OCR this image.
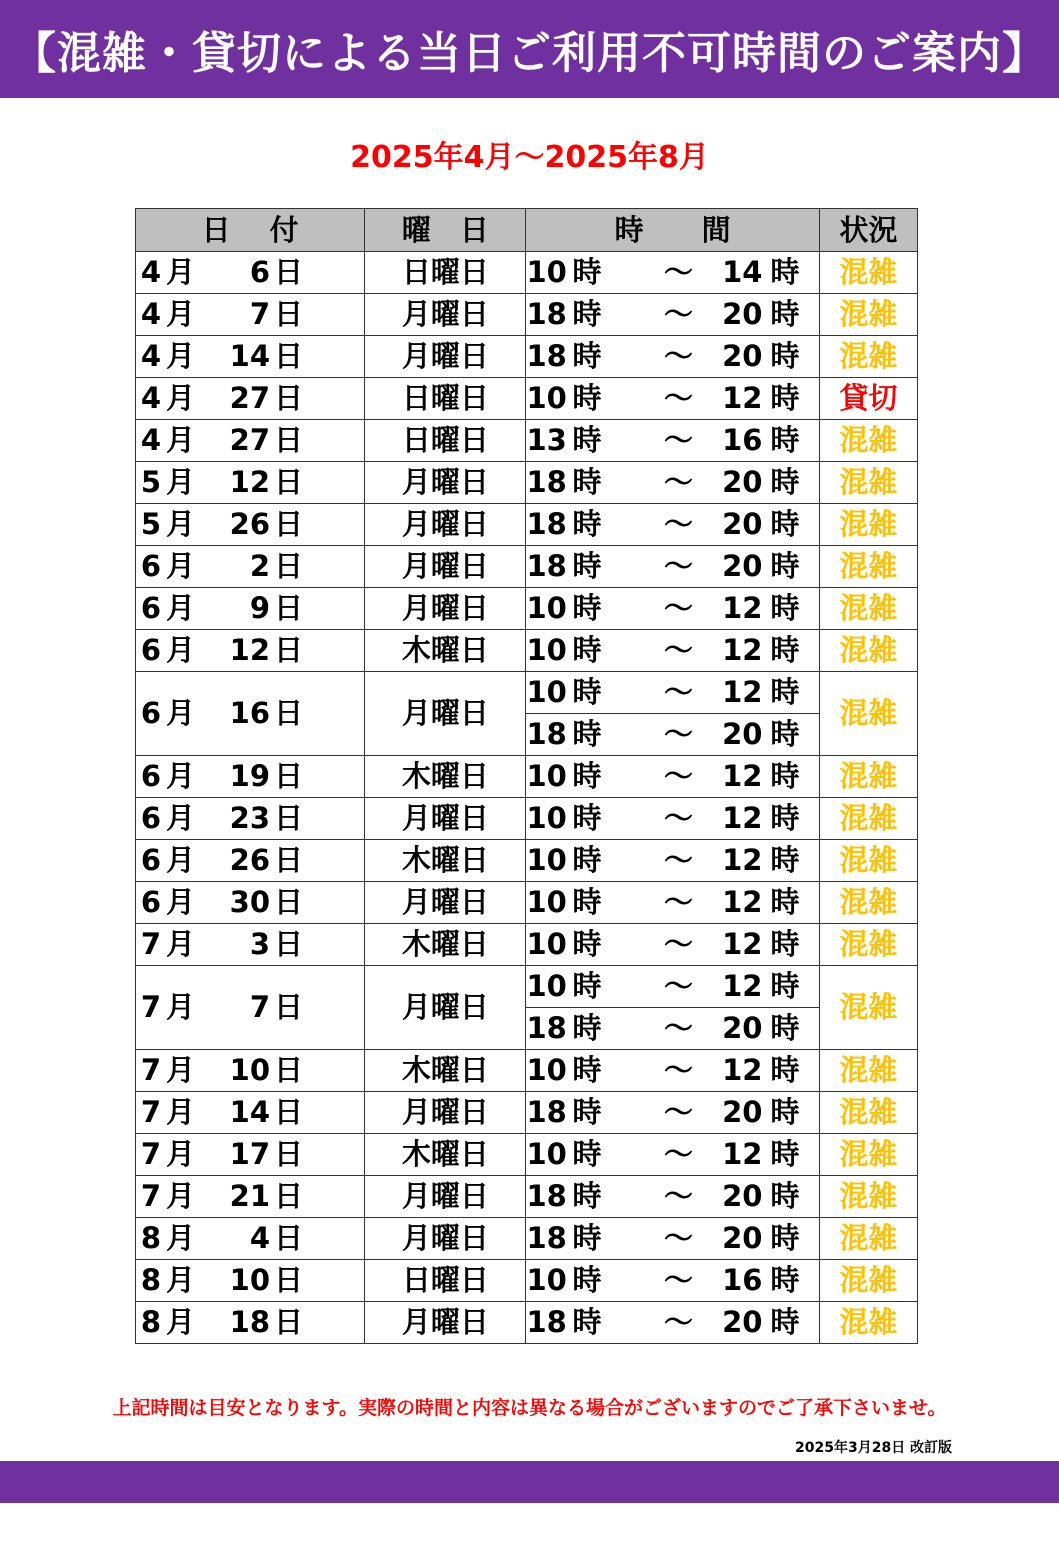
【混雑・貸切による当日ご利用不可時間のご案内】
2025年4月～2025年8月
日　 付	曜　日	時　　間	状況
4 月 6 日	日曜日	10 時 ～ 14 時	混雑
4 月 7 日	月曜日	18 時 ～ 20 時	混雑
4 月 14 日	月曜日	18 時 ～ 20 時	混雑
4 月 27 日	日曜日	10 時 ～ 12 時	貸切
4 月 27 日	日曜日	13 時 ～ 16 時	混雑
5 月 12 日	月曜日	18 時 ～ 20 時	混雑
5 月 26 日	月曜日	18 時 ～ 20 時	混雑
6 月 2 日	月曜日	18 時 ～ 20 時	混雑
6 月 9 日	月曜日	10 時 ～ 12 時	混雑
6 月 12 日	木曜日	10 時 ～ 12 時	混雑
6 月 16 日	月曜日	10 時 ～ 12 時	混雑
		18 時 ～ 20 時	
6 月 19 日	木曜日	10 時 ～ 12 時	混雑
6 月 23 日	月曜日	10 時 ～ 12 時	混雑
6 月 26 日	木曜日	10 時 ～ 12 時	混雑
6 月 30 日	月曜日	10 時 ～ 12 時	混雑
7 月 3 日	木曜日	10 時 ～ 12 時	混雑
7 月 7 日	月曜日	10 時 ～ 12 時	混雑
		18 時 ～ 20 時	
7 月 10 日	木曜日	10 時 ～ 12 時	混雑
7 月 14 日	月曜日	18 時 ～ 20 時	混雑
7 月 17 日	木曜日	10 時 ～ 12 時	混雑
7 月 21 日	月曜日	18 時 ～ 20 時	混雑
8 月 4 日	月曜日	18 時 ～ 20 時	混雑
8 月 10 日	日曜日	10 時 ～ 16 時	混雑
8 月 18 日	月曜日	18 時 ～ 20 時	混雑
上記時間は目安となります。実際の時間と内容は異なる場合がございますのでご了承下さいませ。
2025年3月28日 改訂版
